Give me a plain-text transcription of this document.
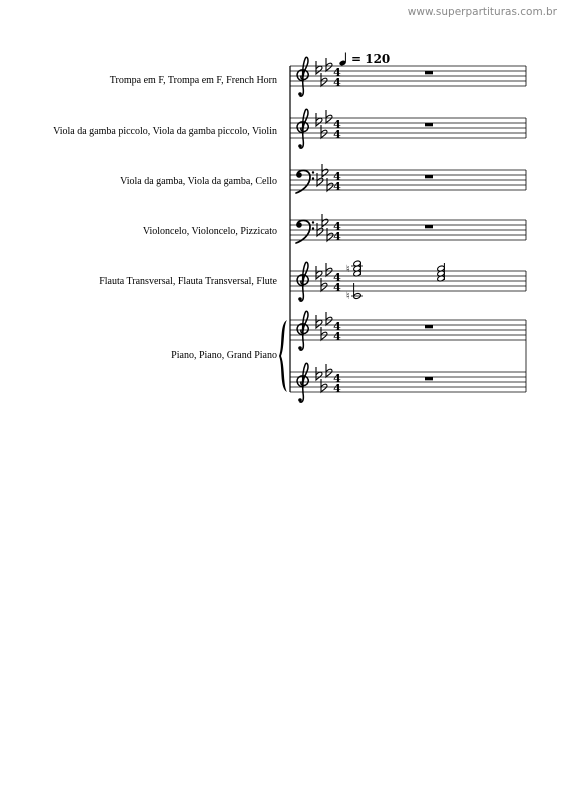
www.superpartituras.com.br
= 120
Trompa em F, Trompa em F, French Horn
Viola da gamba piccolo, Viola da gamba piccolo, Violin
Viola da gamba, Viola da gamba, Cello
Violoncelo, Violoncelo, Pizzicato
Flauta Transversal, Flauta Transversal, Flute
Piano, Piano, Grand Piano
4
4
4
4
4
4
4
4
4
4
♮
♮
4
4
4
4
